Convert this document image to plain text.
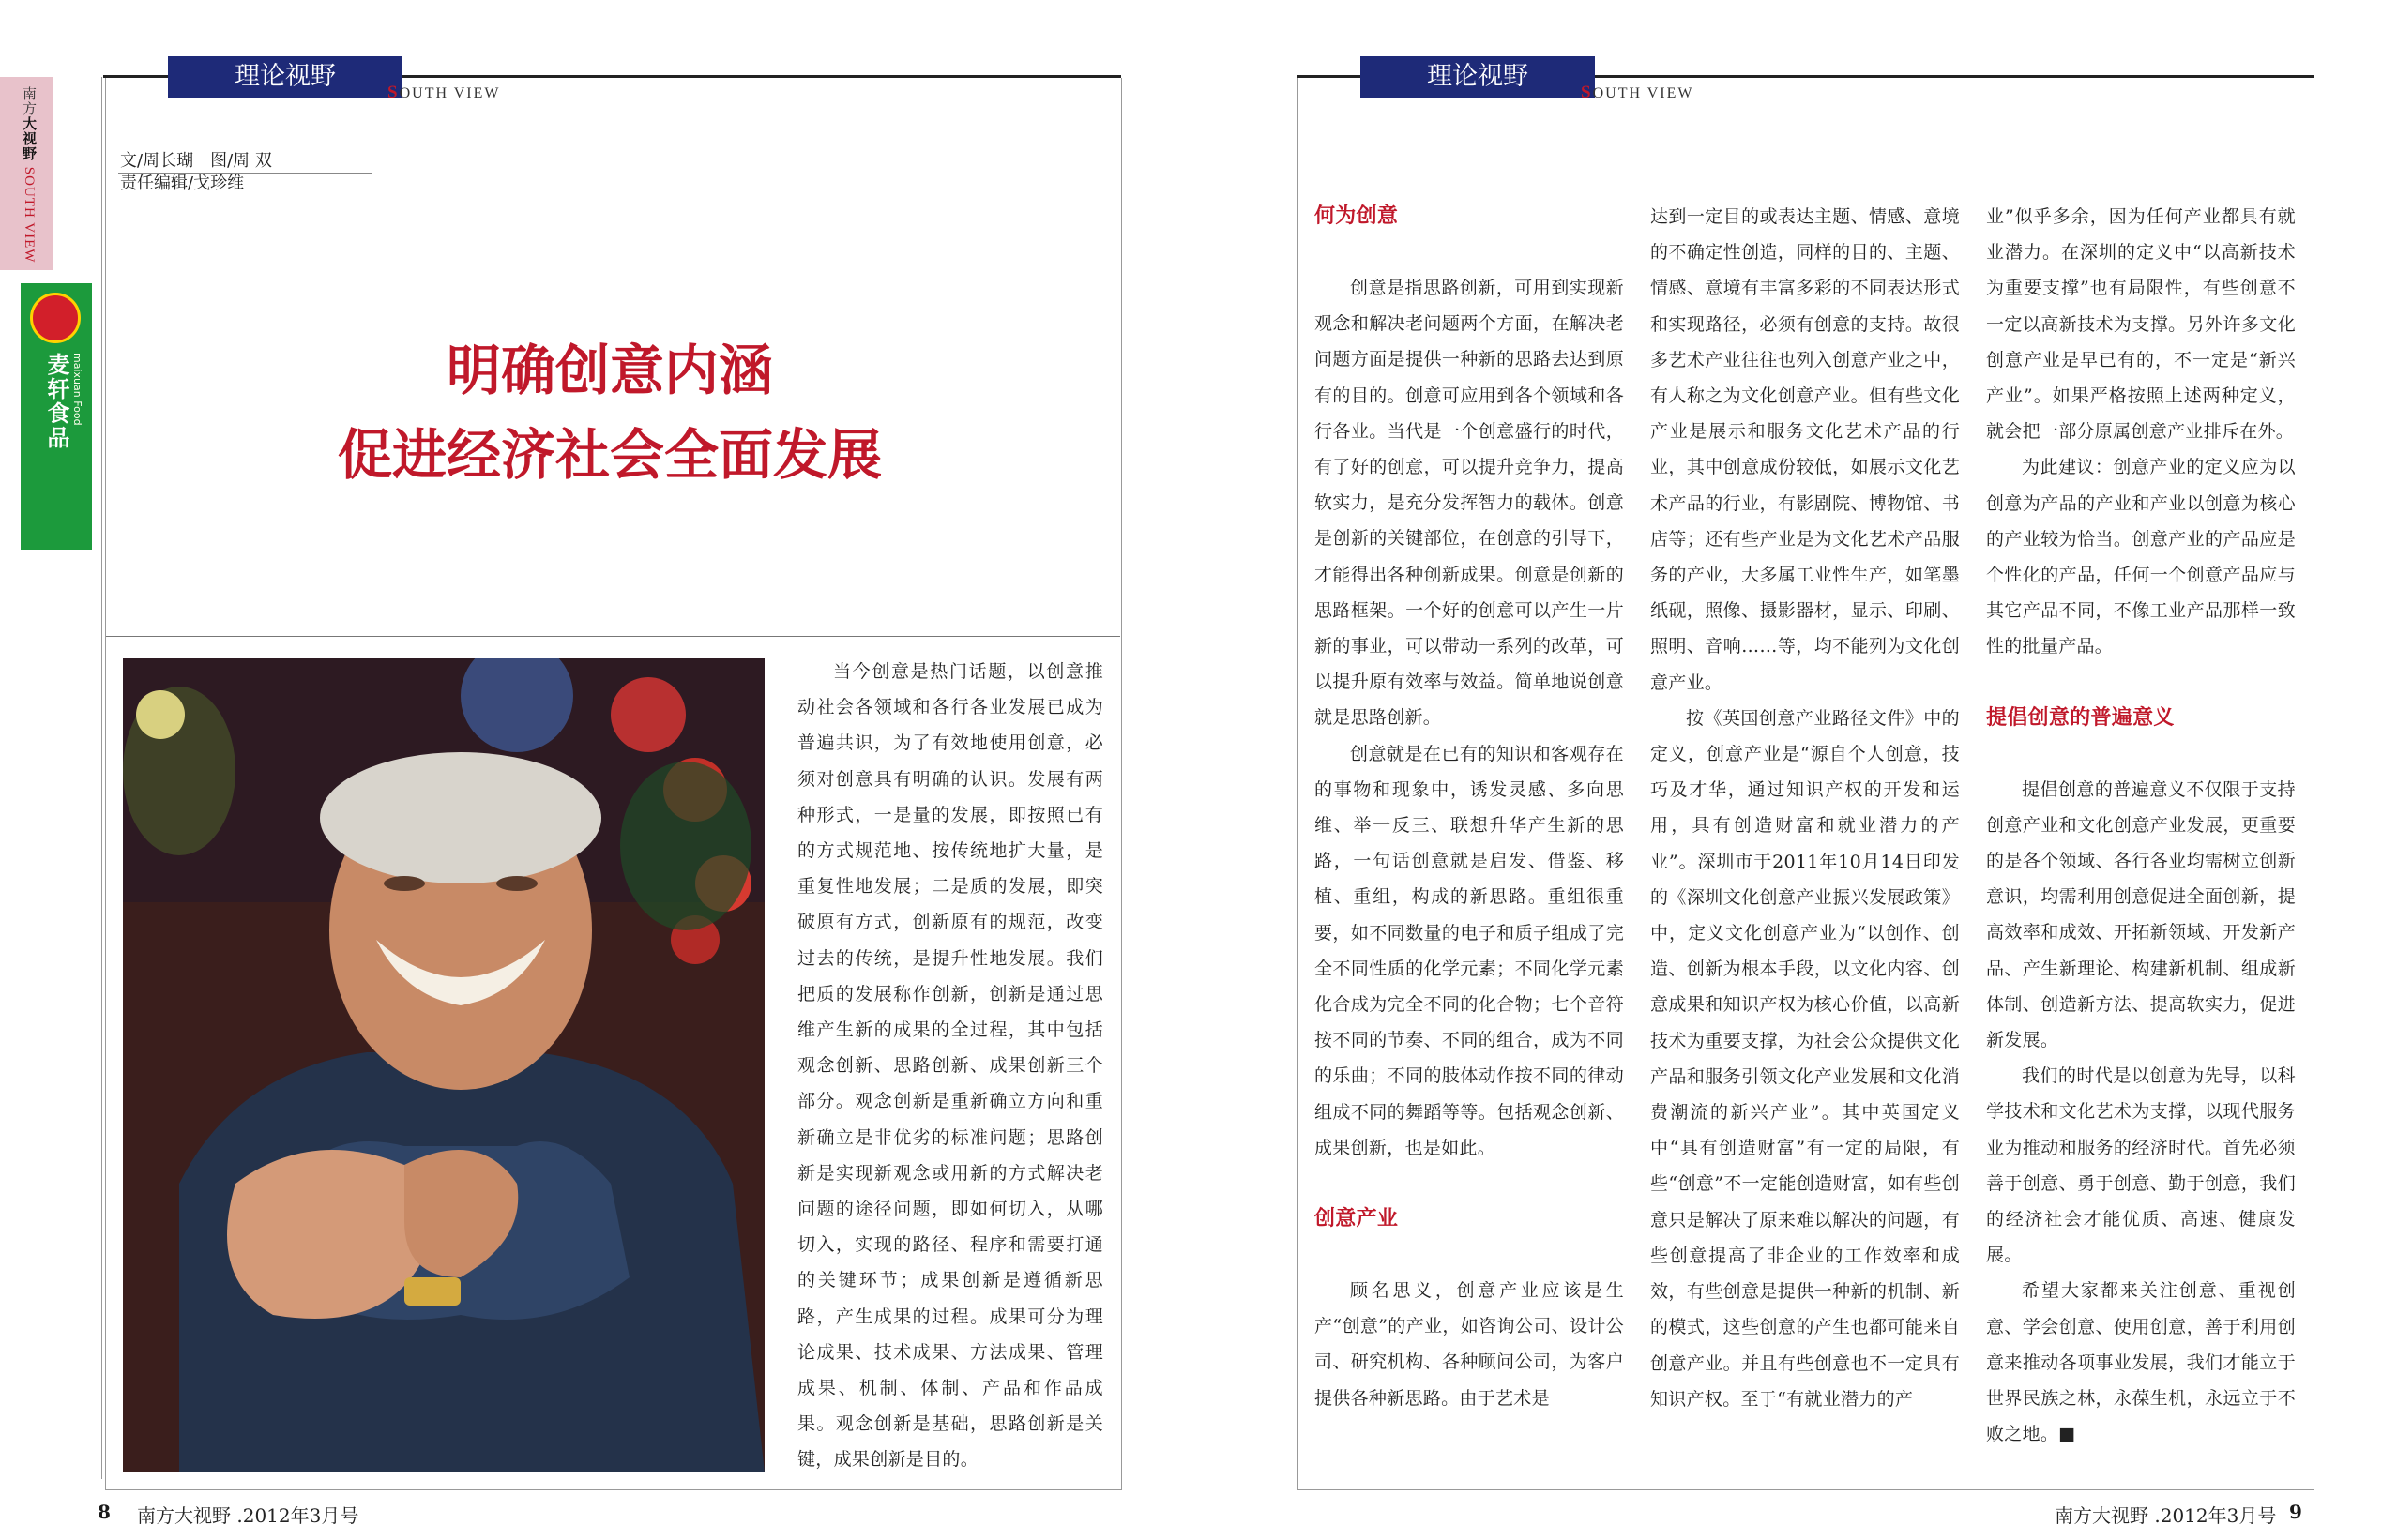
南方大视野 SOUTH VIEW
麦轩食品 maixuan Food
理论视野
SOUTH VIEW
文/周长瑚　图/周 双
责任编辑/戈珍维
明确创意内涵
促进经济社会全面发展

当今创意是热门话题，以创意推动社会各领域和各行各业发展已成为普遍共识，为了有效地使用创意，必须对创意具有明确的认识。发展有两种形式，一是量的发展，即按照已有的方式规范地、按传统地扩大量，是重复性地发展；二是质的发展，即突破原有方式，创新原有的规范，改变过去的传统，是提升性地发展。我们把质的发展称作创新，创新是通过思维产生新的成果的全过程，其中包括观念创新、思路创新、成果创新三个部分。观念创新是重新确立方向和重新确立是非优劣的标准问题；思路创新是实现新观念或用新的方式解决老问题的途径问题，即如何切入，从哪切入，实现的路径、程序和需要打通的关键环节；成果创新是遵循新思路，产生成果的过程。成果可分为理论成果、技术成果、方法成果、管理成果、机制、体制、产品和作品成果。观念创新是基础，思路创新是关键，成果创新是目的。

8 南方大视野 .2012年3月号
理论视野
SOUTH VIEW
何为创意

创意是指思路创新，可用到实现新观念和解决老问题两个方面，在解决老问题方面是提供一种新的思路去达到原有的目的。创意可应用到各个领域和各行各业。当代是一个创意盛行的时代，有了好的创意，可以提升竞争力，提高软实力，是充分发挥智力的载体。创意是创新的关键部位，在创意的引导下，才能得出各种创新成果。创意是创新的思路框架。一个好的创意可以产生一片新的事业，可以带动一系列的改革，可以提升原有效率与效益。简单地说创意就是思路创新。

创意就是在已有的知识和客观存在的事物和现象中，诱发灵感、多向思维、举一反三、联想升华产生新的思路，一句话创意就是启发、借鉴、移植、重组，构成的新思路。重组很重要，如不同数量的电子和质子组成了完全不同性质的化学元素；不同化学元素化合成为完全不同的化合物；七个音符按不同的节奏、不同的组合，成为不同的乐曲；不同的肢体动作按不同的律动组成不同的舞蹈等等。包括观念创新、成果创新，也是如此。

创意产业

顾名思义，创意产业应该是生产“创意”的产业，如咨询公司、设计公司、研究机构、各种顾问公司，为客户提供各种新思路。由于艺术是

达到一定目的或表达主题、情感、意境的不确定性创造，同样的目的、主题、情感、意境有丰富多彩的不同表达形式和实现路径，必须有创意的支持。故很多艺术产业往往也列入创意产业之中，有人称之为文化创意产业。但有些文化产业是展示和服务文化艺术产品的行业，其中创意成份较低，如展示文化艺术产品的行业，有影剧院、博物馆、书店等；还有些产业是为文化艺术产品服务的产业，大多属工业性生产，如笔墨纸砚，照像、摄影器材，显示、印刷、照明、音响……等，均不能列为文化创意产业。

按《英国创意产业路径文件》中的定义，创意产业是“源自个人创意，技巧及才华，通过知识产权的开发和运用，具有创造财富和就业潜力的产业”。深圳市于2011年10月14日印发的《深圳文化创意产业振兴发展政策》中，定义文化创意产业为“以创作、创造、创新为根本手段，以文化内容、创意成果和知识产权为核心价值，以高新技术为重要支撑，为社会公众提供文化产品和服务引领文化产业发展和文化消费潮流的新兴产业”。其中英国定义中“具有创造财富”有一定的局限，有些“创意”不一定能创造财富，如有些创意只是解决了原来难以解决的问题，有些创意提高了非企业的工作效率和成效，有些创意是提供一种新的机制、新的模式，这些创意的产生也都可能来自创意产业。并且有些创意也不一定具有知识产权。至于“有就业潜力的产

业”似乎多余，因为任何产业都具有就业潜力。在深圳的定义中“以高新技术为重要支撑”也有局限性，有些创意不一定以高新技术为支撑。另外许多文化创意产业是早已有的，不一定是“新兴产业”。如果严格按照上述两种定义，就会把一部分原属创意产业排斥在外。

为此建议：创意产业的定义应为以创意为产品的产业和产业以创意为核心的产业较为恰当。创意产业的产品应是个性化的产品，任何一个创意产品应与其它产品不同，不像工业产品那样一致性的批量产品。

提倡创意的普遍意义

提倡创意的普遍意义不仅限于支持创意产业和文化创意产业发展，更重要的是各个领域、各行各业均需树立创新意识，均需利用创意促进全面创新，提高效率和成效、开拓新领域、开发新产品、产生新理论、构建新机制、组成新体制、创造新方法、提高软实力，促进新发展。

我们的时代是以创意为先导，以科学技术和文化艺术为支撑，以现代服务业为推动和服务的经济时代。首先必须善于创意、勇于创意、勤于创意，我们的经济社会才能优质、高速、健康发展。

希望大家都来关注创意、重视创意、学会创意、使用创意，善于利用创意来推动各项事业发展，我们才能立于世界民族之林，永葆生机，永远立于不败之地。■

南方大视野 .2012年3月号 9
